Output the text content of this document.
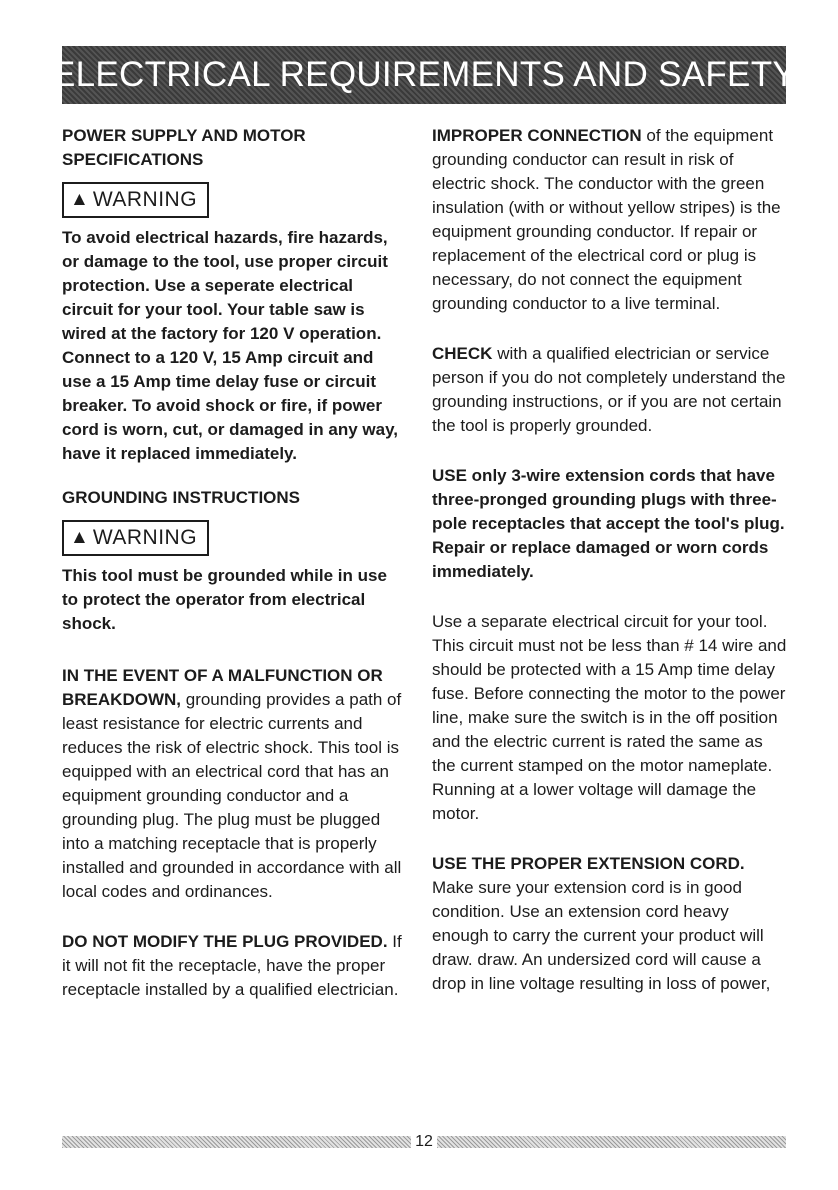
ELECTRICAL REQUIREMENTS AND SAFETY

POWER SUPPLY AND MOTOR SPECIFICATIONS

▲ WARNING

To avoid electrical hazards, fire hazards, or damage to the tool, use proper circuit protection. Use a seperate electrical circuit for your tool. Your table saw is wired at the factory for 120 V operation. Connect to a 120 V, 15 Amp circuit and use a 15 Amp time delay fuse or circuit breaker. To avoid shock or fire, if power cord is worn, cut, or damaged in any way, have it replaced immediately.

GROUNDING INSTRUCTIONS

▲ WARNING

This tool must be grounded while in use to protect the operator from electrical shock.

IN THE EVENT OF A MALFUNCTION OR BREAKDOWN, grounding provides a path of least resistance for electric currents and reduces the risk of electric shock. This tool is equipped with an electrical cord that has an equipment grounding conductor and a grounding plug. The plug must be plugged into a matching receptacle that is properly installed and grounded in accordance with all local codes and ordinances.

DO NOT MODIFY THE PLUG PROVIDED. If it will not fit the receptacle, have the proper receptacle installed by a qualified electrician.

IMPROPER CONNECTION of the equipment grounding conductor can result in risk of electric shock. The conductor with the green insulation (with or without yellow stripes) is the equipment grounding conductor. If repair or replacement of the electrical cord or plug is necessary, do not connect the equipment grounding conductor to a live terminal.

CHECK with a qualified electrician or service person if you do not completely understand the grounding instructions, or if you are not certain the tool is properly grounded.

USE only 3-wire extension cords that have three-pronged grounding plugs with three-pole receptacles that accept the tool's plug. Repair or replace damaged or worn cords immediately.

Use a separate electrical circuit for your tool. This circuit must not be less than # 14 wire and should be protected with a 15 Amp time delay fuse. Before connecting the motor to the power line, make sure the switch is in the off position and the electric current is rated the same as the current stamped on the motor nameplate. Running at a lower voltage will damage the motor.

USE THE PROPER EXTENSION CORD. Make sure your extension cord is in good condition. Use an extension cord heavy enough to carry the current your product will draw. draw. An undersized cord will cause a drop in line voltage resulting in loss of power,

12
